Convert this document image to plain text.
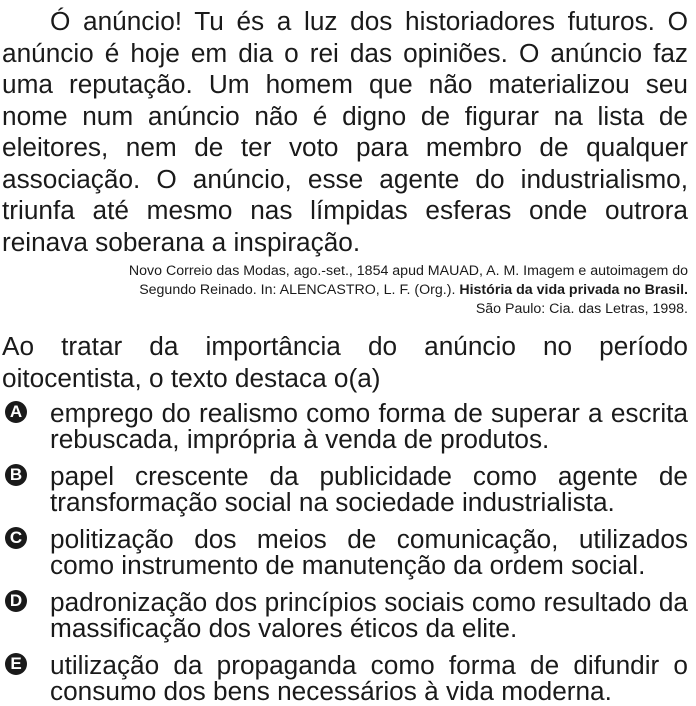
Ó anúncio! Tu és a luz dos historiadores futuros. O anúncio é hoje em dia o rei das opiniões. O anúncio faz uma reputação. Um homem que não materializou seu nome num anúncio não é digno de figurar na lista de eleitores, nem de ter voto para membro de qualquer associação. O anúncio, esse agente do industrialismo, triunfa até mesmo nas límpidas esferas onde outrora reinava soberana a inspiração.

Novo Correio das Modas, ago.-set., 1854 apud MAUAD, A. M. Imagem e autoimagem do
Segundo Reinado. In: ALENCASTRO, L. F. (Org.). História da vida privada no Brasil.
São Paulo: Cia. das Letras, 1998.
Ao tratar da importância do anúncio no período oitocentista, o texto destaca o(a)
A emprego do realismo como forma de superar a escrita rebuscada, imprópria à venda de produtos.
B papel crescente da publicidade como agente de transformação social na sociedade industrialista.
C politização dos meios de comunicação, utilizados como instrumento de manutenção da ordem social.
D padronização dos princípios sociais como resultado da massificação dos valores éticos da elite.
E utilização da propaganda como forma de difundir o consumo dos bens necessários à vida moderna.
